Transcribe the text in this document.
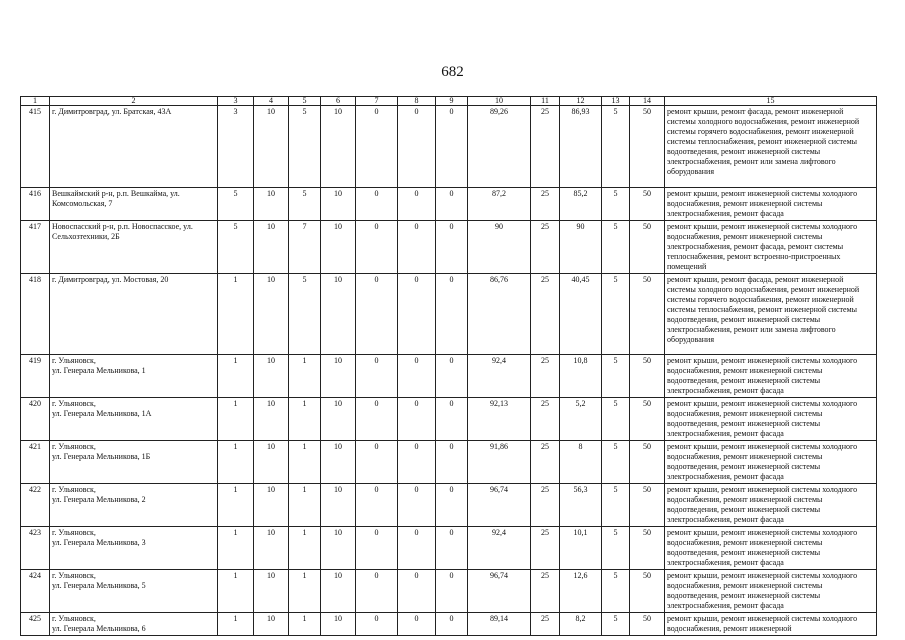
682
1	2	3	4	5	6	7	8	9	10	11	12	13	14	15
415	г. Димитровград, ул. Братская, 43А	3	10	5	10	0	0	0	89,26	25	86,93	5	50	ремонт крыши, ремонт фасада, ремонт инженерной системы холодного водоснабжения, ремонт инженерной системы горячего водоснабжения, ремонт инженерной системы теплоснабжения, ремонт инженерной системы водоотведения, ремонт инженерной системы электроснабжения, ремонт или замена лифтового оборудования
416	Вешкаймский р-н, р.п. Вешкайма, ул. Комсомольская, 7	5	10	5	10	0	0	0	87,2	25	85,2	5	50	ремонт крыши, ремонт инженерной системы холодного водоснабжения, ремонт инженерной системы электроснабжения, ремонт фасада
417	Новоспасский р-н, р.п. Новоспасское, ул. Сельхозтехники, 2Б	5	10	7	10	0	0	0	90	25	90	5	50	ремонт крыши, ремонт инженерной системы холодного водоснабжения, ремонт инженерной системы электроснабжения, ремонт фасада, ремонт системы теплоснабжения, ремонт встроенно-пристроенных помещений
418	г. Димитровград, ул. Мостовая, 20	1	10	5	10	0	0	0	86,76	25	40,45	5	50	ремонт крыши, ремонт фасада, ремонт инженерной системы холодного водоснабжения, ремонт инженерной системы горячего водоснабжения, ремонт инженерной системы теплоснабжения, ремонт инженерной системы водоотведения, ремонт инженерной системы электроснабжения, ремонт или замена лифтового оборудования
419	г. Ульяновск,
ул. Генерала Мельникова, 1	1	10	1	10	0	0	0	92,4	25	10,8	5	50	ремонт крыши, ремонт инженерной системы холодного водоснабжения, ремонт инженерной системы водоотведения, ремонт инженерной системы электроснабжения, ремонт фасада
420	г. Ульяновск,
ул. Генерала Мельникова, 1А	1	10	1	10	0	0	0	92,13	25	5,2	5	50	ремонт крыши, ремонт инженерной системы холодного водоснабжения, ремонт инженерной системы водоотведения, ремонт инженерной системы электроснабжения, ремонт фасада
421	г. Ульяновск,
ул. Генерала Мельникова, 1Б	1	10	1	10	0	0	0	91,86	25	8	5	50	ремонт крыши, ремонт инженерной системы холодного водоснабжения, ремонт инженерной системы водоотведения, ремонт инженерной системы электроснабжения, ремонт фасада
422	г. Ульяновск,
ул. Генерала Мельникова, 2	1	10	1	10	0	0	0	96,74	25	56,3	5	50	ремонт крыши, ремонт инженерной системы холодного водоснабжения, ремонт инженерной системы водоотведения, ремонт инженерной системы электроснабжения, ремонт фасада
423	г. Ульяновск,
ул. Генерала Мельникова, 3	1	10	1	10	0	0	0	92,4	25	10,1	5	50	ремонт крыши, ремонт инженерной системы холодного водоснабжения, ремонт инженерной системы водоотведения, ремонт инженерной системы электроснабжения, ремонт фасада
424	г. Ульяновск,
ул. Генерала Мельникова, 5	1	10	1	10	0	0	0	96,74	25	12,6	5	50	ремонт крыши, ремонт инженерной системы холодного водоснабжения, ремонт инженерной системы водоотведения, ремонт инженерной системы электроснабжения, ремонт фасада
425	г. Ульяновск,
ул. Генерала Мельникова, 6	1	10	1	10	0	0	0	89,14	25	8,2	5	50	ремонт крыши, ремонт инженерной системы холодного водоснабжения, ремонт инженерной
